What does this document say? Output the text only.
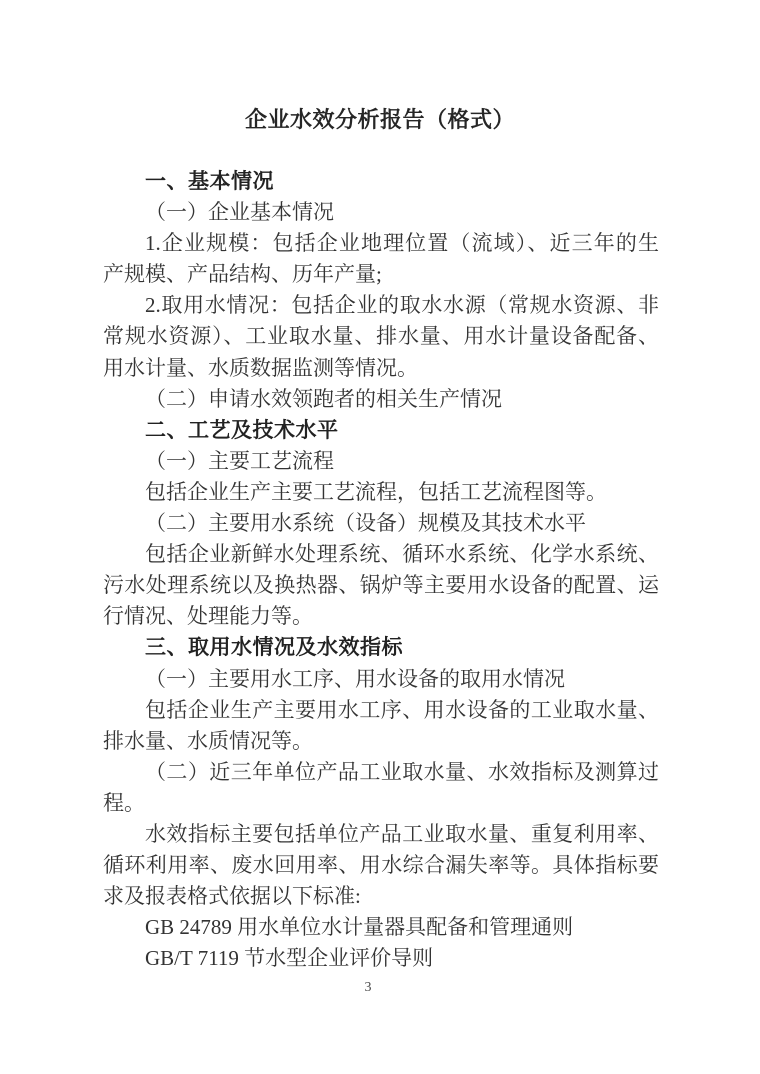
企业水效分析报告（格式）
一、基本情况
（一）企业基本情况
1.企业规模：包括企业地理位置（流域）、近三年的生
产规模、产品结构、历年产量;
2.取用水情况：包括企业的取水水源（常规水资源、非
常规水资源）、工业取水量、排水量、用水计量设备配备、
用水计量、水质数据监测等情况。
（二）申请水效领跑者的相关生产情况
二、工艺及技术水平
（一）主要工艺流程
包括企业生产主要工艺流程，包括工艺流程图等。
（二）主要用水系统（设备）规模及其技术水平
包括企业新鲜水处理系统、循环水系统、化学水系统、
污水处理系统以及换热器、锅炉等主要用水设备的配置、运
行情况、处理能力等。
三、取用水情况及水效指标
（一）主要用水工序、用水设备的取用水情况
包括企业生产主要用水工序、用水设备的工业取水量、
排水量、水质情况等。
（二）近三年单位产品工业取水量、水效指标及测算过
程。
水效指标主要包括单位产品工业取水量、重复利用率、
循环利用率、废水回用率、用水综合漏失率等。具体指标要
求及报表格式依据以下标准:
GB 24789 用水单位水计量器具配备和管理通则
GB/T 7119 节水型企业评价导则
3
